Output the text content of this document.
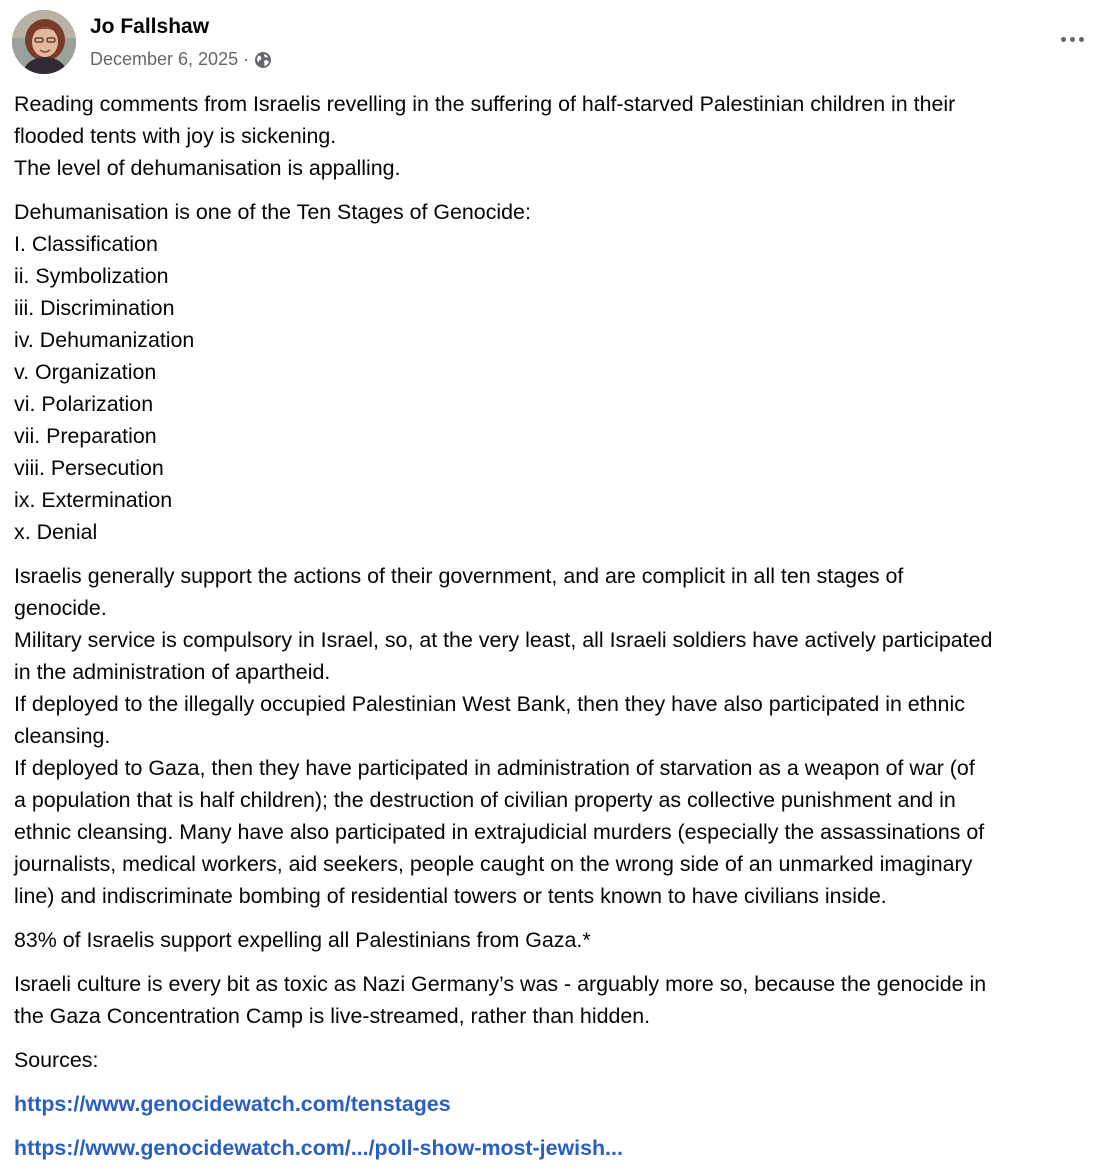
Jo Fallshaw
December 6, 2025 ·

Reading comments from Israelis revelling in the suffering of half-starved Palestinian children in their
flooded tents with joy is sickening.
The level of dehumanisation is appalling.

Dehumanisation is one of the Ten Stages of Genocide:
I. Classification
ii. Symbolization
iii. Discrimination
iv. Dehumanization
v. Organization
vi. Polarization
vii. Preparation
viii. Persecution
ix. Extermination
x. Denial

Israelis generally support the actions of their government, and are complicit in all ten stages of
genocide.
Military service is compulsory in Israel, so, at the very least, all Israeli soldiers have actively participated
in the administration of apartheid.
If deployed to the illegally occupied Palestinian West Bank, then they have also participated in ethnic
cleansing.
If deployed to Gaza, then they have participated in administration of starvation as a weapon of war (of
a population that is half children); the destruction of civilian property as collective punishment and in
ethnic cleansing. Many have also participated in extrajudicial murders (especially the assassinations of
journalists, medical workers, aid seekers, people caught on the wrong side of an unmarked imaginary
line) and indiscriminate bombing of residential towers or tents known to have civilians inside.

83% of Israelis support expelling all Palestinians from Gaza.*

Israeli culture is every bit as toxic as Nazi Germany’s was - arguably more so, because the genocide in
the Gaza Concentration Camp is live-streamed, rather than hidden.

Sources:

https://www.genocidewatch.com/tenstages
https://www.genocidewatch.com/.../poll-show-most-jewish...
